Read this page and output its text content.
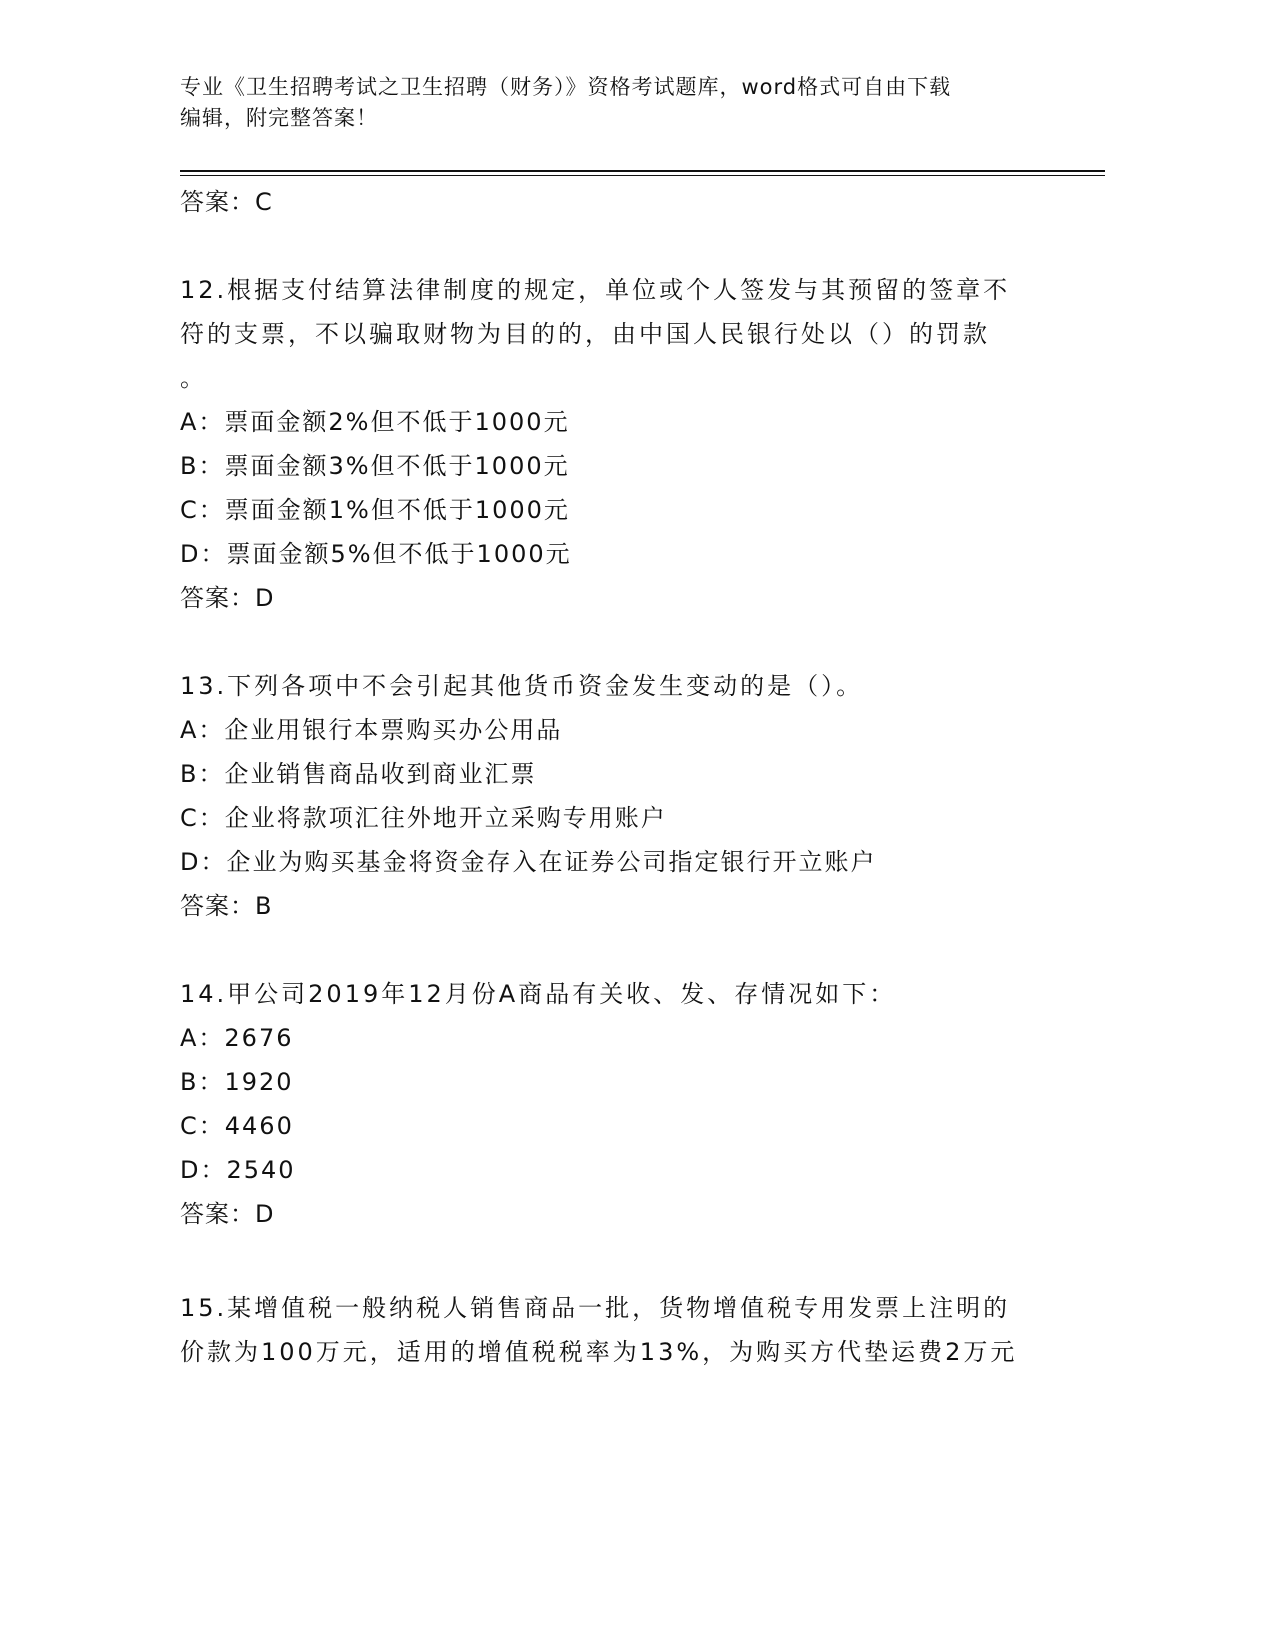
专业《卫生招聘考试之卫生招聘（财务）》资格考试题库，word格式可自由下载
编辑，附完整答案！
答案：C
12.根据支付结算法律制度的规定，单位或个人签发与其预留的签章不
符的支票，不以骗取财物为目的的，由中国人民银行处以（）的罚款
。
A：票面金额2%但不低于1000元
B：票面金额3%但不低于1000元
C：票面金额1%但不低于1000元
D：票面金额5%但不低于1000元
答案：D
13.下列各项中不会引起其他货币资金发生变动的是（）。
A：企业用银行本票购买办公用品
B：企业销售商品收到商业汇票
C：企业将款项汇往外地开立采购专用账户
D：企业为购买基金将资金存入在证券公司指定银行开立账户
答案：B
14.甲公司2019年12月份A商品有关收、发、存情况如下：
A：2676
B：1920
C：4460
D：2540
答案：D
15.某增值税一般纳税人销售商品一批，货物增值税专用发票上注明的
价款为100万元，适用的增值税税率为13%，为购买方代垫运费2万元
